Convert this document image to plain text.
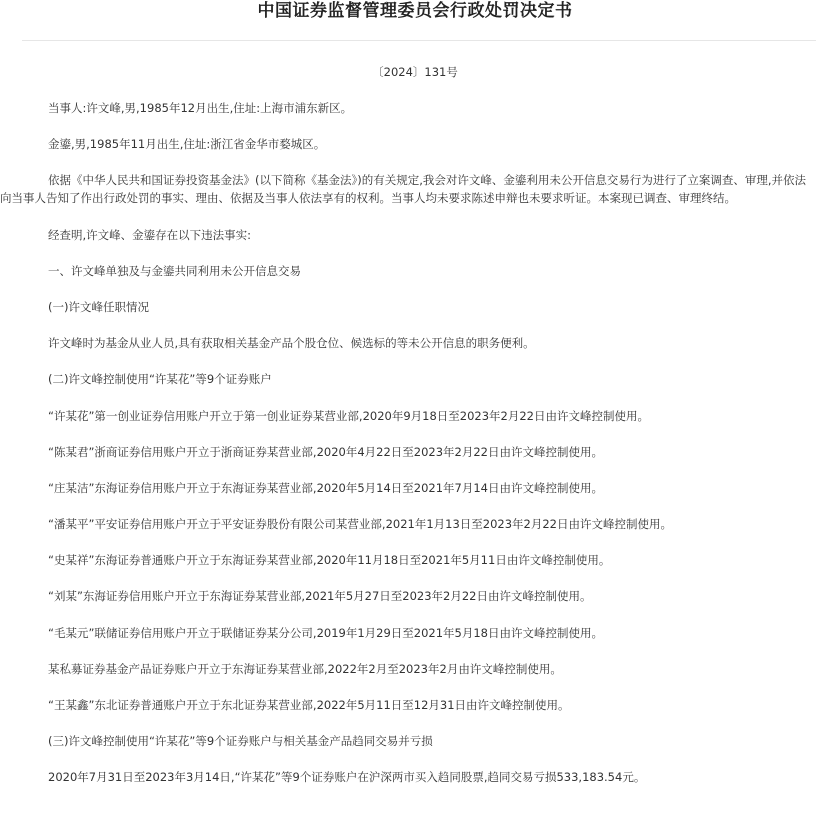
中国证券监督管理委员会行政处罚决定书
〔2024〕131号

当事人:许文峰,男,1985年12月出生,住址:上海市浦东新区。

金鎏,男,1985年11月出生,住址:浙江省金华市婺城区。

依据《中华人民共和国证券投资基金法》(以下简称《基金法》)的有关规定,我会对许文峰、金鎏利用未公开信息交易行为进行了立案调查、审理,并依法向当事人告知了作出行政处罚的事实、理由、依据及当事人依法享有的权利。当事人均未要求陈述申辩也未要求听证。本案现已调查、审理终结。

经查明,许文峰、金鎏存在以下违法事实:

一、许文峰单独及与金鎏共同利用未公开信息交易

(一)许文峰任职情况

许文峰时为基金从业人员,具有获取相关基金产品个股仓位、候选标的等未公开信息的职务便利。

(二)许文峰控制使用“许某花”等9个证券账户

“许某花”第一创业证券信用账户开立于第一创业证券某营业部,2020年9月18日至2023年2月22日由许文峰控制使用。

“陈某君”浙商证券信用账户开立于浙商证券某营业部,2020年4月22日至2023年2月22日由许文峰控制使用。

“庄某洁”东海证券信用账户开立于东海证券某营业部,2020年5月14日至2021年7月14日由许文峰控制使用。

“潘某平”平安证券信用账户开立于平安证券股份有限公司某营业部,2021年1月13日至2023年2月22日由许文峰控制使用。

“史某祥”东海证券普通账户开立于东海证券某营业部,2020年11月18日至2021年5月11日由许文峰控制使用。

“刘某”东海证券信用账户开立于东海证券某营业部,2021年5月27日至2023年2月22日由许文峰控制使用。

“毛某元”联储证券信用账户开立于联储证券某分公司,2019年1月29日至2021年5月18日由许文峰控制使用。

某私募证券基金产品证券账户开立于东海证券某营业部,2022年2月至2023年2月由许文峰控制使用。

“王某鑫”东北证券普通账户开立于东北证券某营业部,2022年5月11日至12月31日由许文峰控制使用。

(三)许文峰控制使用“许某花”等9个证券账户与相关基金产品趋同交易并亏损

2020年7月31日至2023年3月14日,“许某花”等9个证券账户在沪深两市买入趋同股票,趋同交易亏损533,183.54元。
